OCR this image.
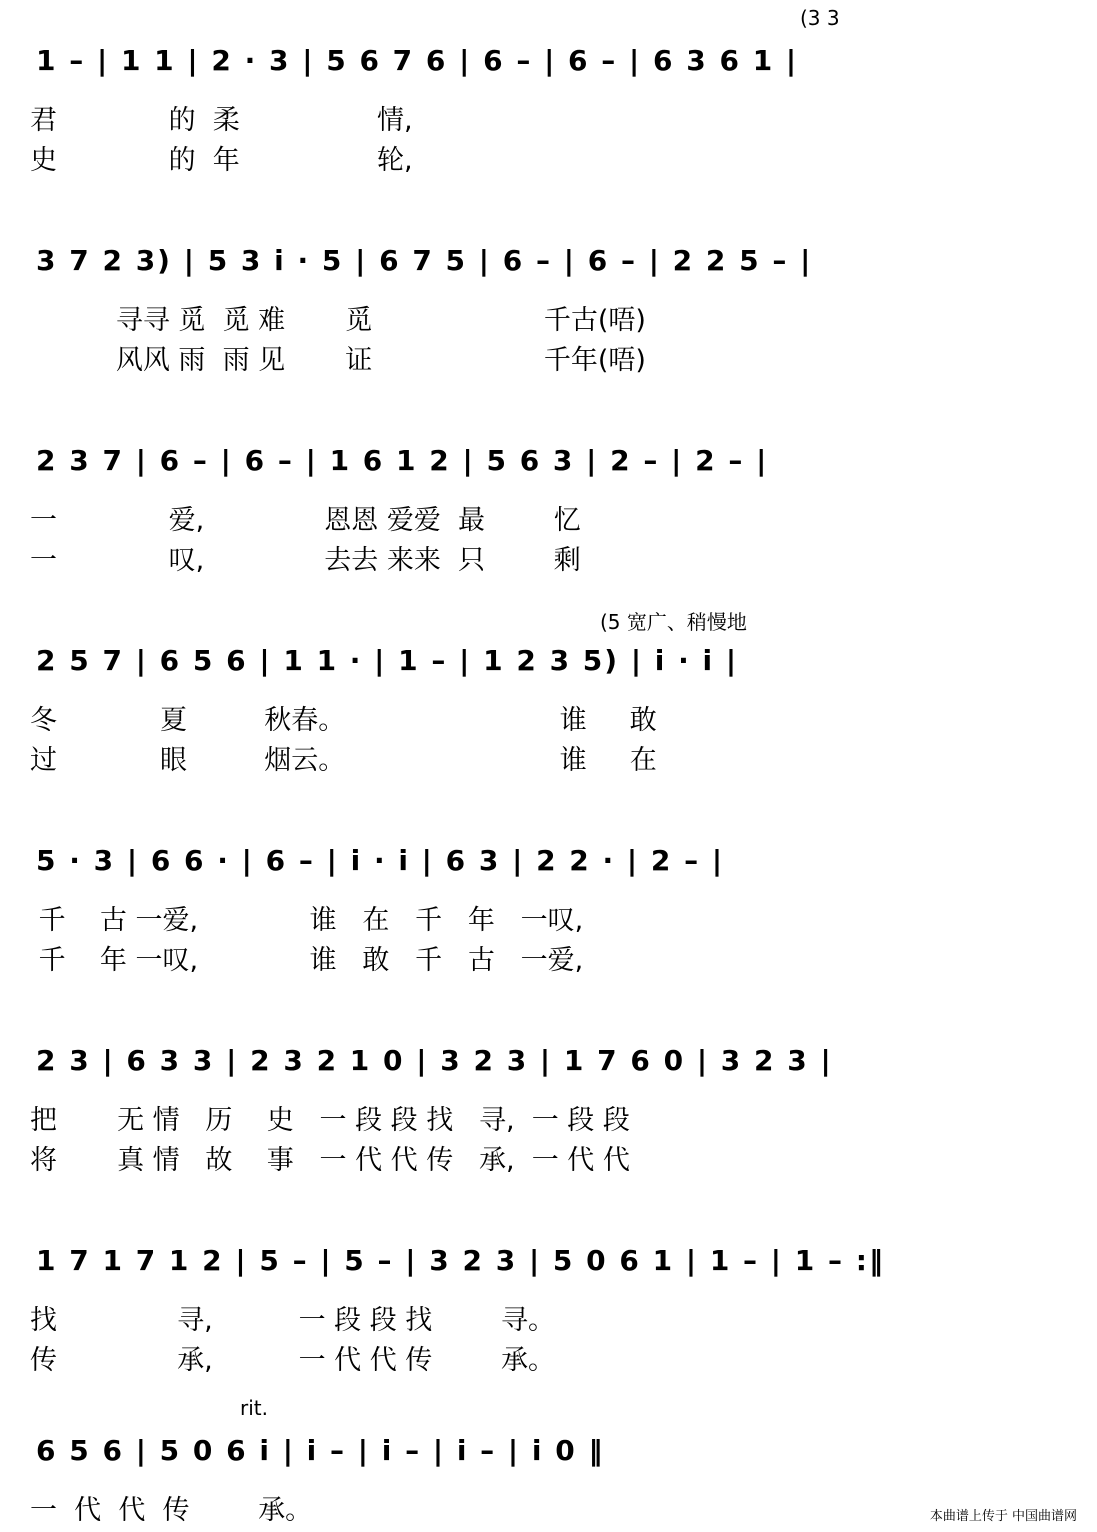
1 – | 1 1 | 2 · 3 | 5 6 7 6 | 6 – | 6 – | 6 3 6 1 |
(3 3
君             的  柔                情,
史             的  年                轮,
3 7 2 3) | 5 3 i · 5 | 6 7 5 | 6 – | 6 – | 2 2 5 – |
寻寻 觅  觅 难       觅                    千古(唔)
风风 雨  雨 见       证                    千年(唔)
2 3 7 | 6 – | 6 – | 1 6 1 2 | 5 6 3 | 2 – | 2 – |
一             爱,              恩恩 爱爱  最        忆
一             叹,              去去 来来  只        剩
2 5 7 | 6 5 6 | 1 1 · | 1 – | 1 2 3 5) | i · i |
(5 宽广、稍慢地
冬            夏         秋春。                         谁     敢
过            眼         烟云。                         谁     在
5 · 3 | 6 6 · | 6 – | i · i | 6 3 | 2 2 · | 2 – |
千    古 一爱,             谁   在   千   年   一叹,
千    年 一叹,             谁   敢   千   古   一爱,
2 3 | 6 3 3 | 2 3 2 1 0 | 3 2 3 | 1 7 6 0 | 3 2 3 |
把       无 情   历    史   一 段 段 找   寻,  一 段 段
将       真 情   故    事   一 代 代 传   承,  一 代 代
1 7 1 7 1 2 | 5 – | 5 – | 3 2 3 | 5 0 6 1 | 1 – | 1 – :‖
找              寻,          一 段 段 找        寻。
传              承,          一 代 代 传        承。
6 5 6 | 5 0 6 i | i – | i – | i – | i 0 ‖
rit.
一  代  代  传        承。	本曲谱上传于 中国曲谱网
